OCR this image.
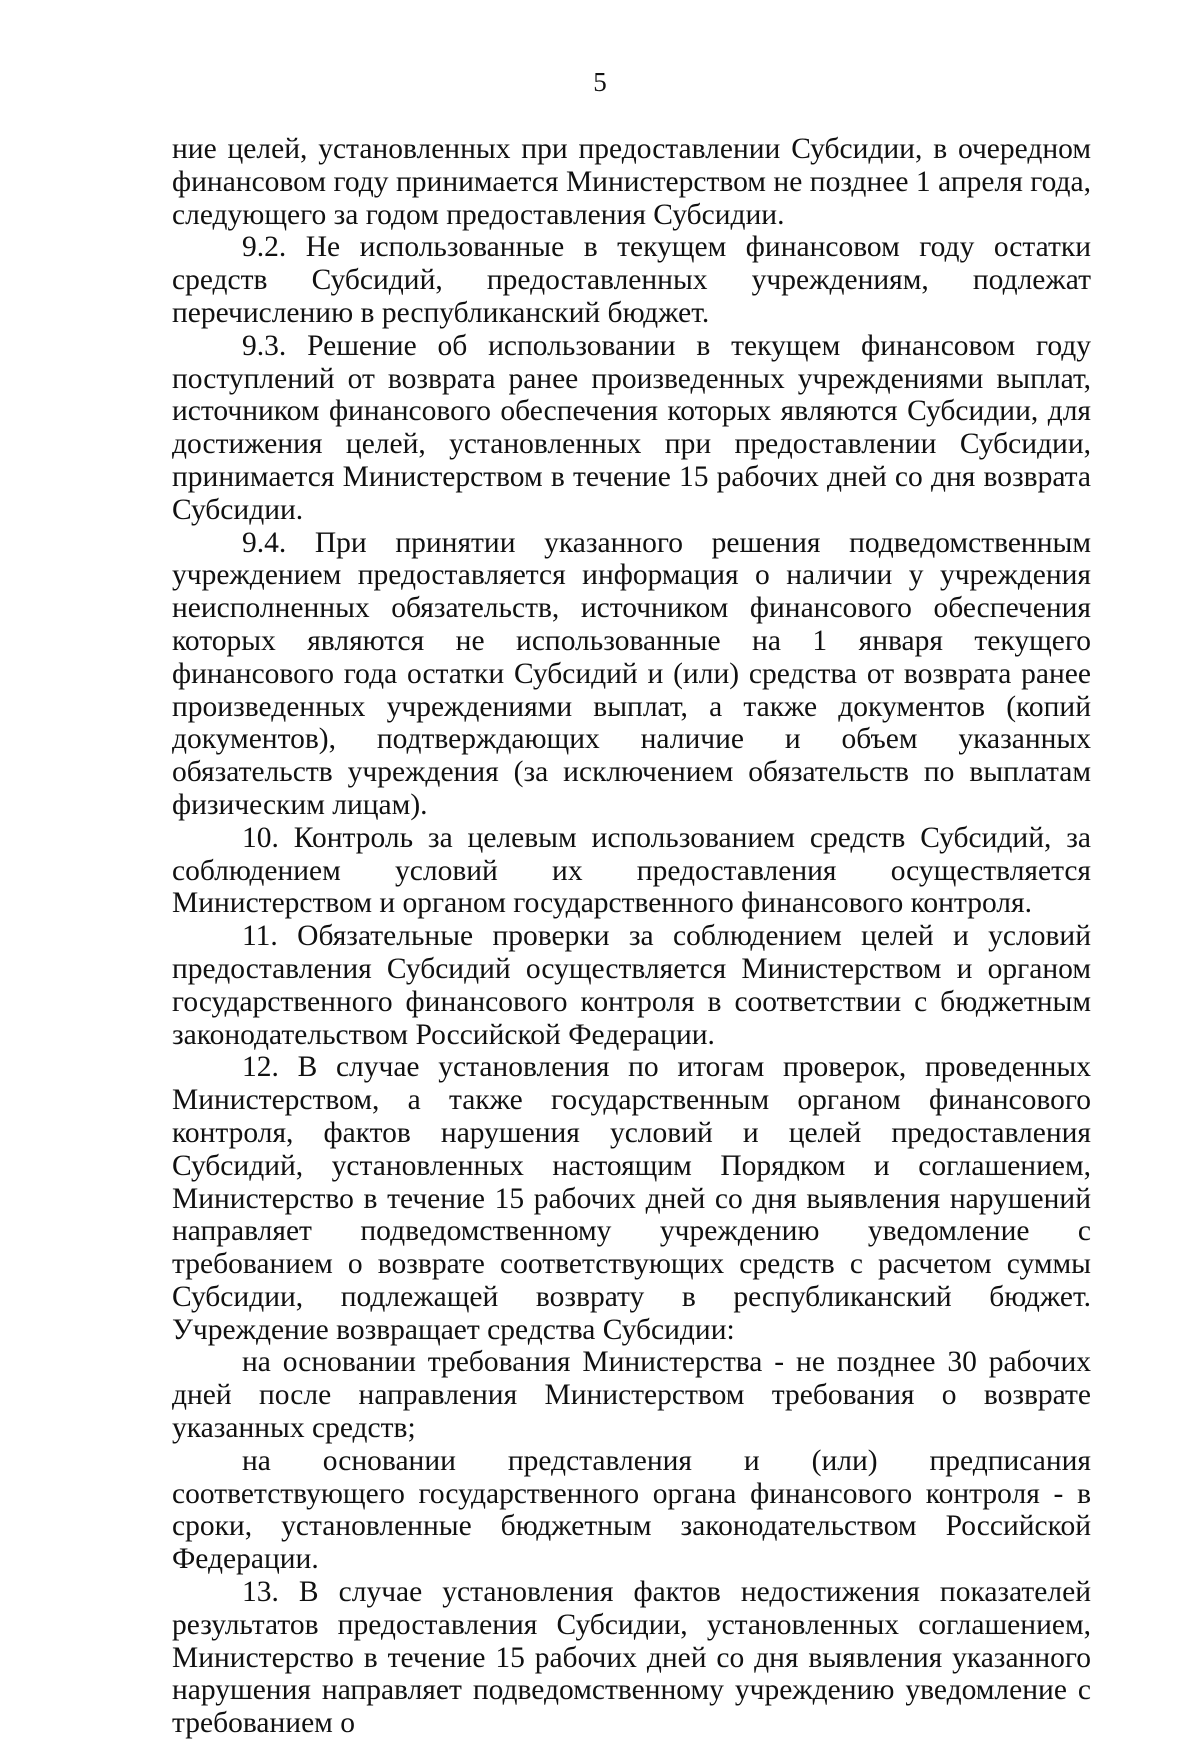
5

ние целей, установленных при предоставлении Субсидии, в очередном финансовом году принимается Министерством не позднее 1 апреля года, следующего за годом предоставления Субсидии.

9.2. Не использованные в текущем финансовом году остатки средств Субсидий, предоставленных учреждениям, подлежат перечислению в республиканский бюджет.

9.3. Решение об использовании в текущем финансовом году поступлений от возврата ранее произведенных учреждениями выплат, источником финансового обеспечения которых являются Субсидии, для достижения целей, установленных при предоставлении Субсидии, принимается Министерством в течение 15 рабочих дней со дня возврата Субсидии.

9.4. При принятии указанного решения подведомственным учреждением предоставляется информация о наличии у учреждения неисполненных обязательств, источником финансового обеспечения которых являются не использованные на 1 января текущего финансового года остатки Субсидий и (или) средства от возврата ранее произведенных учреждениями выплат, а также документов (копий документов), подтверждающих наличие и объем указанных обязательств учреждения (за исключением обязательств по выплатам физическим лицам).

10. Контроль за целевым использованием средств Субсидий, за соблюдением условий их предоставления осуществляется Министерством и органом государственного финансового контроля.

11. Обязательные проверки за соблюдением целей и условий предоставления Субсидий осуществляется Министерством и органом государственного финансового контроля в соответствии с бюджетным законодательством Российской Федерации.

12. В случае установления по итогам проверок, проведенных Министерством, а также государственным органом финансового контроля, фактов нарушения условий и целей предоставления Субсидий, установленных настоящим Порядком и соглашением, Министерство в течение 15 рабочих дней со дня выявления нарушений направляет подведомственному учреждению уведомление с требованием о возврате соответствующих средств с расчетом суммы Субсидии, подлежащей возврату в республиканский бюджет. Учреждение возвращает средства Субсидии:

на основании требования Министерства - не позднее 30 рабочих дней после направления Министерством требования о возврате указанных средств;

на основании представления и (или) предписания соответствующего государственного органа финансового контроля - в сроки, установленные бюджетным законодательством Российской Федерации.

13. В случае установления фактов недостижения показателей результатов предоставления Субсидии, установленных соглашением, Министерство в течение 15 рабочих дней со дня выявления указанного нарушения направляет подведомственному учреждению уведомление с требованием о
